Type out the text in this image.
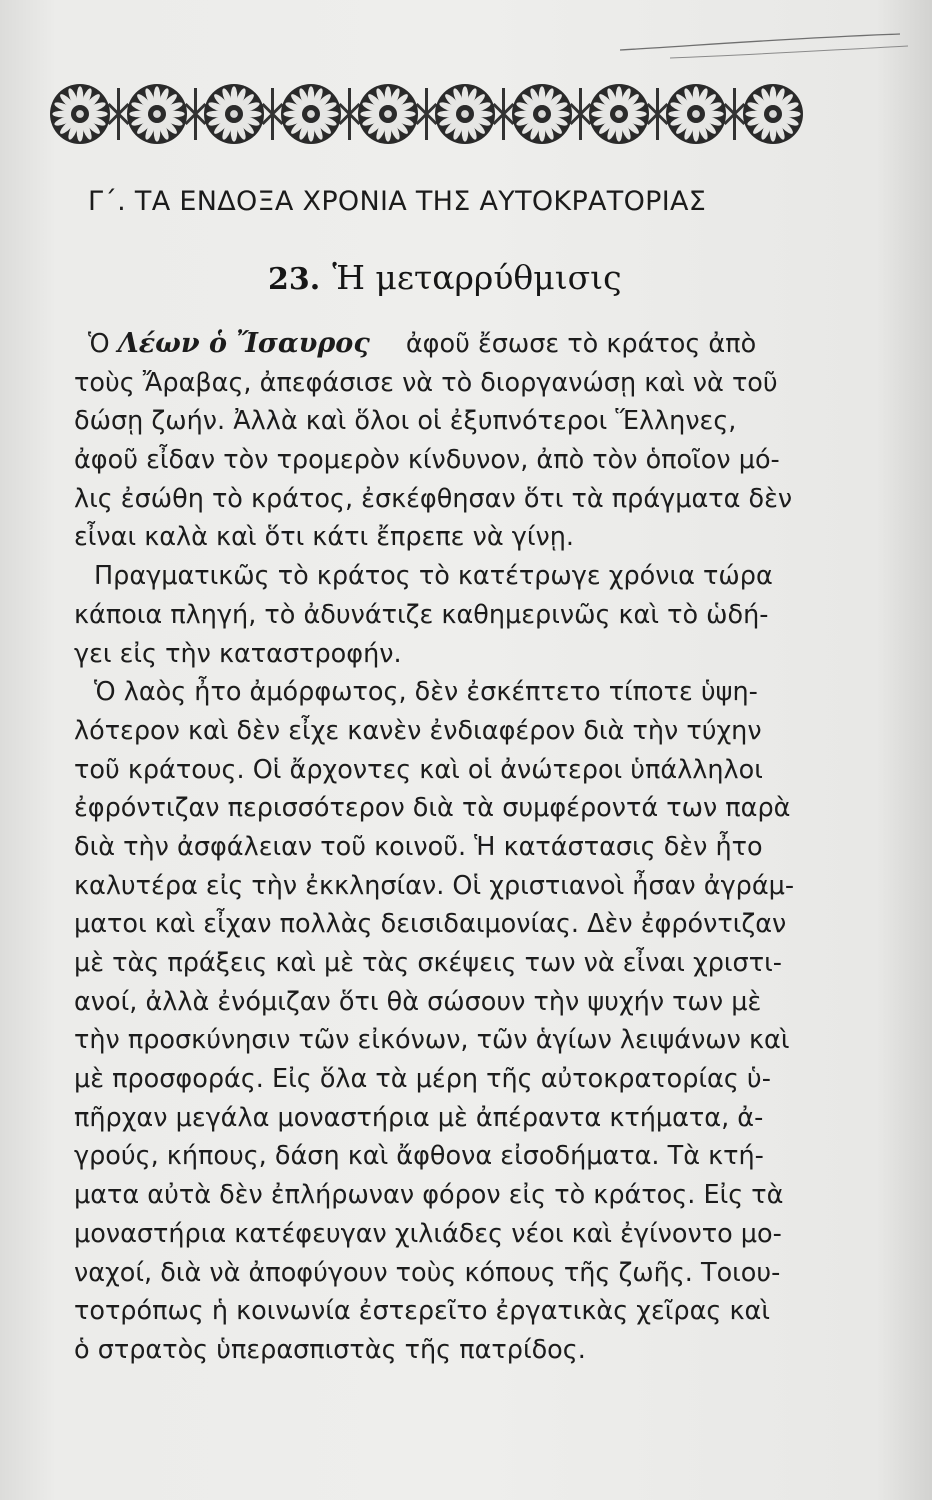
Γ΄. ΤΑ ΕΝΔΟΞΑ ΧΡΟΝΙΑ ΤΗΣ ΑΥΤΟΚΡΑΤΟΡΙΑΣ
23. Ἡ μεταρρύθμισις
Ὁ Λέων ὁ Ἴσαυρος ἀφοῦ ἔσωσε τὸ κράτος ἀπὸ
τοὺς Ἄραβας, ἀπεφάσισε νὰ τὸ διοργανώσῃ καὶ νὰ τοῦ
δώσῃ ζωήν. Ἀλλὰ καὶ ὅλοι οἱ ἐξυπνότεροι Ἕλληνες,
ἀφοῦ εἶδαν τὸν τρομερὸν κίνδυνον, ἀπὸ τὸν ὁποῖον μό-
λις ἐσώθη τὸ κράτος, ἐσκέφθησαν ὅτι τὰ πράγματα δὲν
εἶναι καλὰ καὶ ὅτι κάτι ἔπρεπε νὰ γίνῃ.
Πραγματικῶς τὸ κράτος τὸ κατέτρωγε χρόνια τώρα
κάποια πληγή, τὸ ἀδυνάτιζε καθημερινῶς καὶ τὸ ὡδή-
γει εἰς τὴν καταστροφήν.
Ὁ λαὸς ἦτο ἀμόρφωτος, δὲν ἐσκέπτετο τίποτε ὑψη-
λότερον καὶ δὲν εἶχε κανὲν ἐνδιαφέρον διὰ τὴν τύχην
τοῦ κράτους. Οἱ ἄρχοντες καὶ οἱ ἀνώτεροι ὑπάλληλοι
ἐφρόντιζαν περισσότερον διὰ τὰ συμφέροντά των παρὰ
διὰ τὴν ἀσφάλειαν τοῦ κοινοῦ. Ἡ κατάστασις δὲν ἦτο
καλυτέρα εἰς τὴν ἐκκλησίαν. Οἱ χριστιανοὶ ἦσαν ἀγράμ-
ματοι καὶ εἶχαν πολλὰς δεισιδαιμονίας. Δὲν ἐφρόντιζαν
μὲ τὰς πράξεις καὶ μὲ τὰς σκέψεις των νὰ εἶναι χριστι-
ανοί, ἀλλὰ ἐνόμιζαν ὅτι θὰ σώσουν τὴν ψυχήν των μὲ
τὴν προσκύνησιν τῶν εἰκόνων, τῶν ἁγίων λειψάνων καὶ
μὲ προσφοράς. Εἰς ὅλα τὰ μέρη τῆς αὐτοκρατορίας ὑ-
πῆρχαν μεγάλα μοναστήρια μὲ ἀπέραντα κτήματα, ἀ-
γρούς, κήπους, δάση καὶ ἄφθονα εἰσοδήματα. Τὰ κτή-
ματα αὐτὰ δὲν ἐπλήρωναν φόρον εἰς τὸ κράτος. Εἰς τὰ
μοναστήρια κατέφευγαν χιλιάδες νέοι καὶ ἐγίνοντο μο-
ναχοί, διὰ νὰ ἀποφύγουν τοὺς κόπους τῆς ζωῆς. Τοιου-
τοτρόπως ἡ κοινωνία ἐστερεῖτο ἐργατικὰς χεῖρας καὶ
ὁ στρατὸς ὑπερασπιστὰς τῆς πατρίδος.
